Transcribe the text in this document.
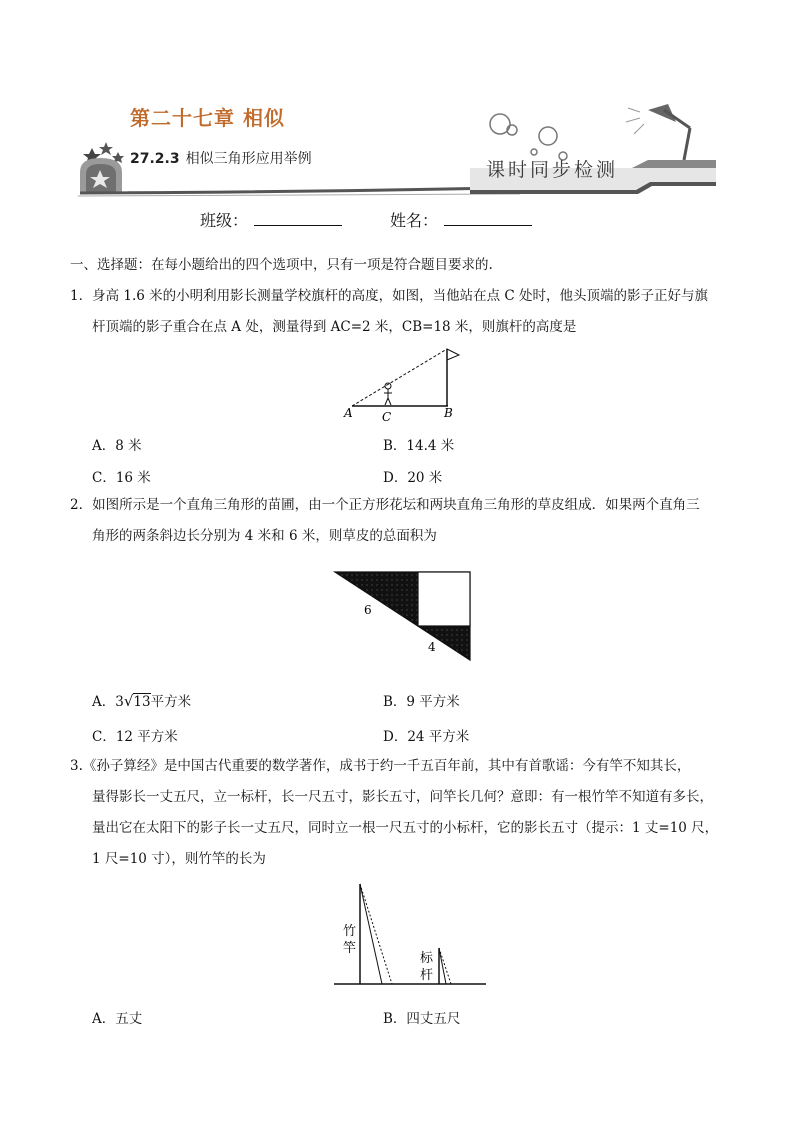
第二十七章 相似
27.2.3 相似三角形应用举例	课时同步检测
班级：	姓名：
一、选择题：在每小题给出的四个选项中，只有一项是符合题目要求的.
1．身高 1.6 米的小明利用影长测量学校旗杆的高度，如图，当他站在点 C 处时，他头顶端的影子正好与旗
杆顶端的影子重合在点 A 处，测量得到 AC=2 米，CB=18 米，则旗杆的高度是
A C	B
A．8 米	B．14.4 米
C．16 米	D．20 米
2．如图所示是一个直角三角形的苗圃，由一个正方形花坛和两块直角三角形的草皮组成．如果两个直角三
角形的两条斜边长分别为 4 米和 6 米，则草皮的总面积为
6
4
A．3√13平方米	B．9 平方米
C．12 平方米	D．24 平方米
3.《孙子算经》是中国古代重要的数学著作，成书于约一千五百年前，其中有首歌谣：今有竿不知其长，
量得影长一丈五尺，立一标杆，长一尺五寸，影长五寸，问竿长几何？意即：有一根竹竿不知道有多长，
量出它在太阳下的影子长一丈五尺，同时立一根一尺五寸的小标杆，它的影长五寸（提示：1 丈=10 尺，
1 尺=10 寸），则竹竿的长为
竹
竿
标
杆
A．五丈	B．四丈五尺
